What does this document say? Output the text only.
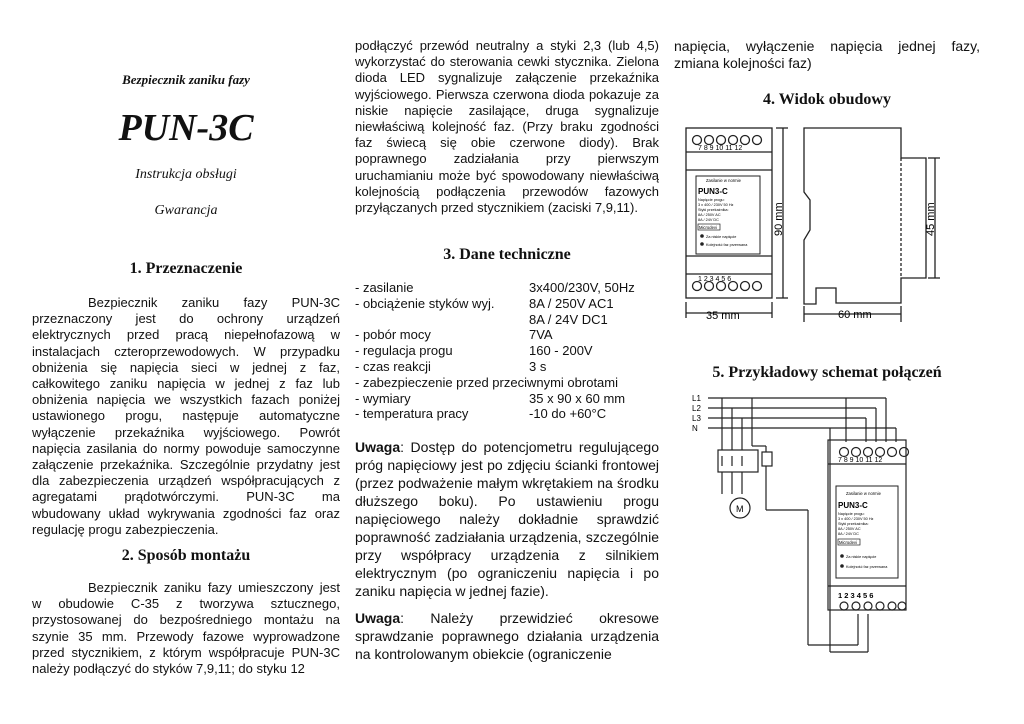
Bezpiecznik zaniku fazy
PUN-3C
Instrukcja obsługi
Gwarancja
1. Przeznaczenie

Bezpiecznik zaniku fazy PUN-3C przeznaczony jest do ochrony urządzeń elektrycznych przed pracą niepełnofazową w instalacjach czteroprzewodowych. W przypadku obniżenia się napięcia sieci w jednej z faz, całkowitego zaniku napięcia w jednej z faz lub obniżenia napięcia we wszystkich fazach poniżej ustawionego progu, następuje automatyczne wyłączenie przekaźnika wyjściowego. Powrót napięcia zasilania do normy powoduje samoczynne załączenie przekaźnika. Szczególnie przydatny jest dla zabezpieczenia urządzeń współpracujących z agregatami prądotwórczymi. PUN-3C ma wbudowany układ wykrywania zgodności faz oraz regulację progu zabezpieczenia.

2. Sposób montażu

Bezpiecznik zaniku fazy umieszczony jest w obudowie C-35 z tworzywa sztucznego, przystosowanej do bezpośredniego montażu na szynie 35 mm. Przewody fazowe wyprowadzone przed stycznikiem, z którym współpracuje PUN-3C należy podłączyć do styków 7,9,11; do styku 12

podłączyć przewód neutralny a styki 2,3 (lub 4,5) wykorzystać do sterowania cewki stycznika. Zielona dioda LED sygnalizuje załączenie przekaźnika wyjściowego. Pierwsza czerwona dioda pokazuje za niskie napięcie zasilające, druga sygnalizuje niewłaściwą kolejność faz. (Przy braku zgodności faz świecą się obie czerwone diody). Brak poprawnego zadziałania przy pierwszym uruchamianiu może być spowodowany niewłaściwą kolejnością podłączenia przewodów fazowych przyłączanych przed stycznikiem (zaciski 7,9,11).

3. Dane techniczne
- zasilanie	3x400/230V, 50Hz
- obciążenie styków wyj.	8A / 250V AC1
	8A / 24V DC1
- pobór mocy	7VA
- regulacja progu	160 - 200V
- czas reakcji	3 s
- zabezpieczenie przed przeciwnymi obrotami	
- wymiary	35 x 90 x 60 mm
- temperatura pracy	-10 do +60°C

Uwaga: Dostęp do potencjometru regulującego próg napięciowy jest po zdjęciu ścianki frontowej (przez podważenie małym wkrętakiem na środku dłuższego boku). Po ustawieniu progu napięciowego należy dokładnie sprawdzić poprawność zadziałania urządzenia, szczególnie przy współpracy urządzenia z silnikiem elektrycznym (po ograniczeniu napięcia i po zaniku napięcia w jednej fazie).

Uwaga: Należy przewidzieć okresowe sprawdzanie poprawnego działania urządzenia na kontrolowanym obiekcie (ograniczenie

napięcia, wyłączenie napięcia jednej fazy, zmiana kolejności faz)

4. Widok obudowy
5. Przykładowy schemat połączeń
7 8 9 10 11 12
1 2 3 4 5 6
Zasilanie w normie
PUN3-C
Napięcie progu:
3 x 400 / 230V 50 Hz
Styki przekaźnika:
8A / 250V AC
8A / 24V DC
Microdevi
Za niskie napięcie
Kolejność faz przerwana
35 mm
90 mm
60 mm
45 mm
L1
L2
L3
N
M
7 8 9 10 11 12
1 2 3 4 5 6
Zasilanie w normie
PUN3-C
Napięcie progu:
3 x 400 / 230V 50 Hz
Styki przekaźnika:
8A / 250V AC
8A / 24V DC
Microdevi
Za niskie napięcie
Kolejność faz przerwana
